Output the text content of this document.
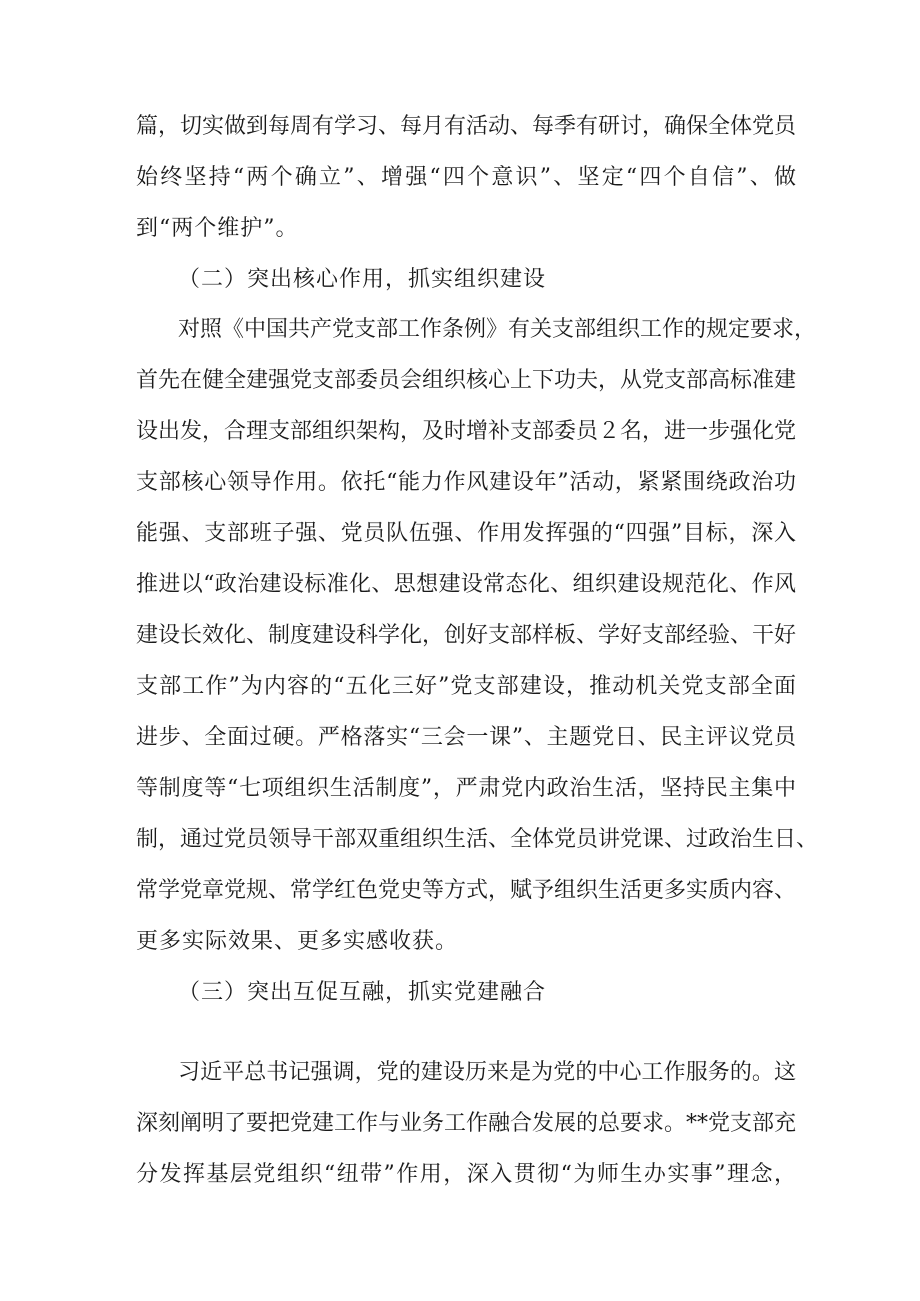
篇，切实做到每周有学习、每月有活动、每季有研讨，确保全体党员
始终坚持“两个确立”、增强“四个意识”、坚定“四个自信”、做
到“两个维护”。
（二）突出核心作用，抓实组织建设
对照《中国共产党支部工作条例》有关支部组织工作的规定要求，
首先在健全建强党支部委员会组织核心上下功夫，从党支部高标准建
设出发，合理支部组织架构，及时增补支部委员２名，进一步强化党
支部核心领导作用。依托“能力作风建设年”活动，紧紧围绕政治功
能强、支部班子强、党员队伍强、作用发挥强的“四强”目标，深入
推进以“政治建设标准化、思想建设常态化、组织建设规范化、作风
建设长效化、制度建设科学化，创好支部样板、学好支部经验、干好
支部工作”为内容的“五化三好”党支部建设，推动机关党支部全面
进步、全面过硬。严格落实“三会一课”、主题党日、民主评议党员
等制度等“七项组织生活制度”，严肃党内政治生活，坚持民主集中
制，通过党员领导干部双重组织生活、全体党员讲党课、过政治生日、
常学党章党规、常学红色党史等方式，赋予组织生活更多实质内容、
更多实际效果、更多实感收获。
（三）突出互促互融，抓实党建融合
习近平总书记强调，党的建设历来是为党的中心工作服务的。这
深刻阐明了要把党建工作与业务工作融合发展的总要求。**党支部充
分发挥基层党组织“纽带”作用，深入贯彻“为师生办实事”理念，
